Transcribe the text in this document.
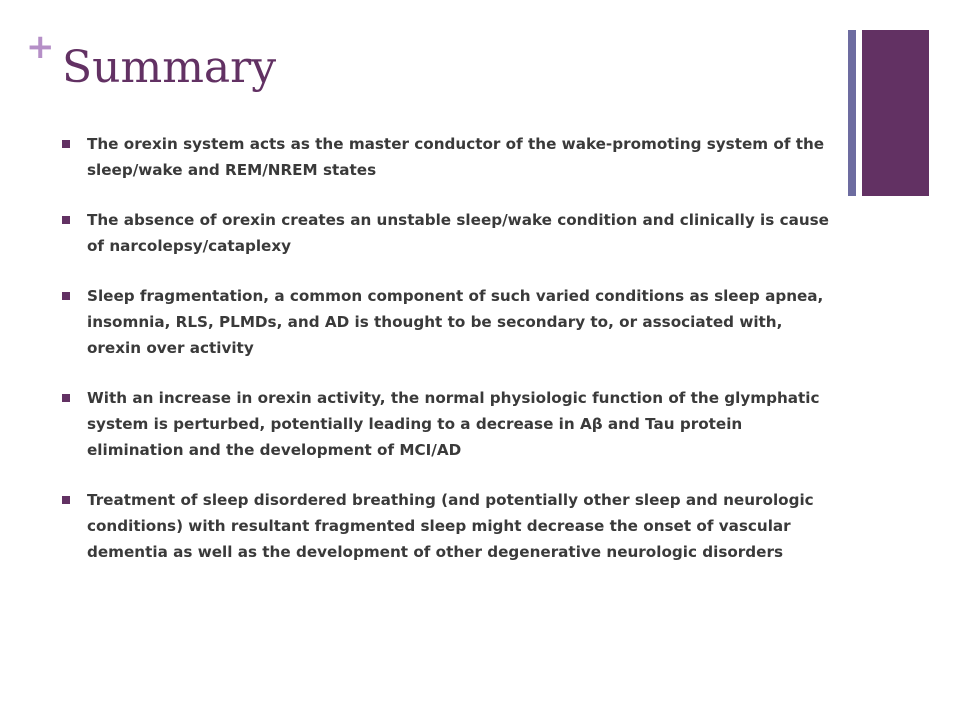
+ Summary
The orexin system acts as the master conductor of the wake-promoting system of the sleep/wake and REM/NREM states
The absence of orexin creates an unstable sleep/wake condition and clinically is cause of narcolepsy/cataplexy
Sleep fragmentation, a common component of such varied conditions as sleep apnea, insomnia, RLS, PLMDs, and AD is thought to be secondary to, or associated with, orexin over activity
With an increase in orexin activity, the normal physiologic function of the glymphatic system is perturbed, potentially leading to a decrease in Aβ and Tau protein elimination and the development of MCI/AD
Treatment of sleep disordered breathing (and potentially other sleep and neurologic conditions) with resultant fragmented sleep might decrease the onset of vascular dementia as well as the development of other degenerative neurologic disorders
